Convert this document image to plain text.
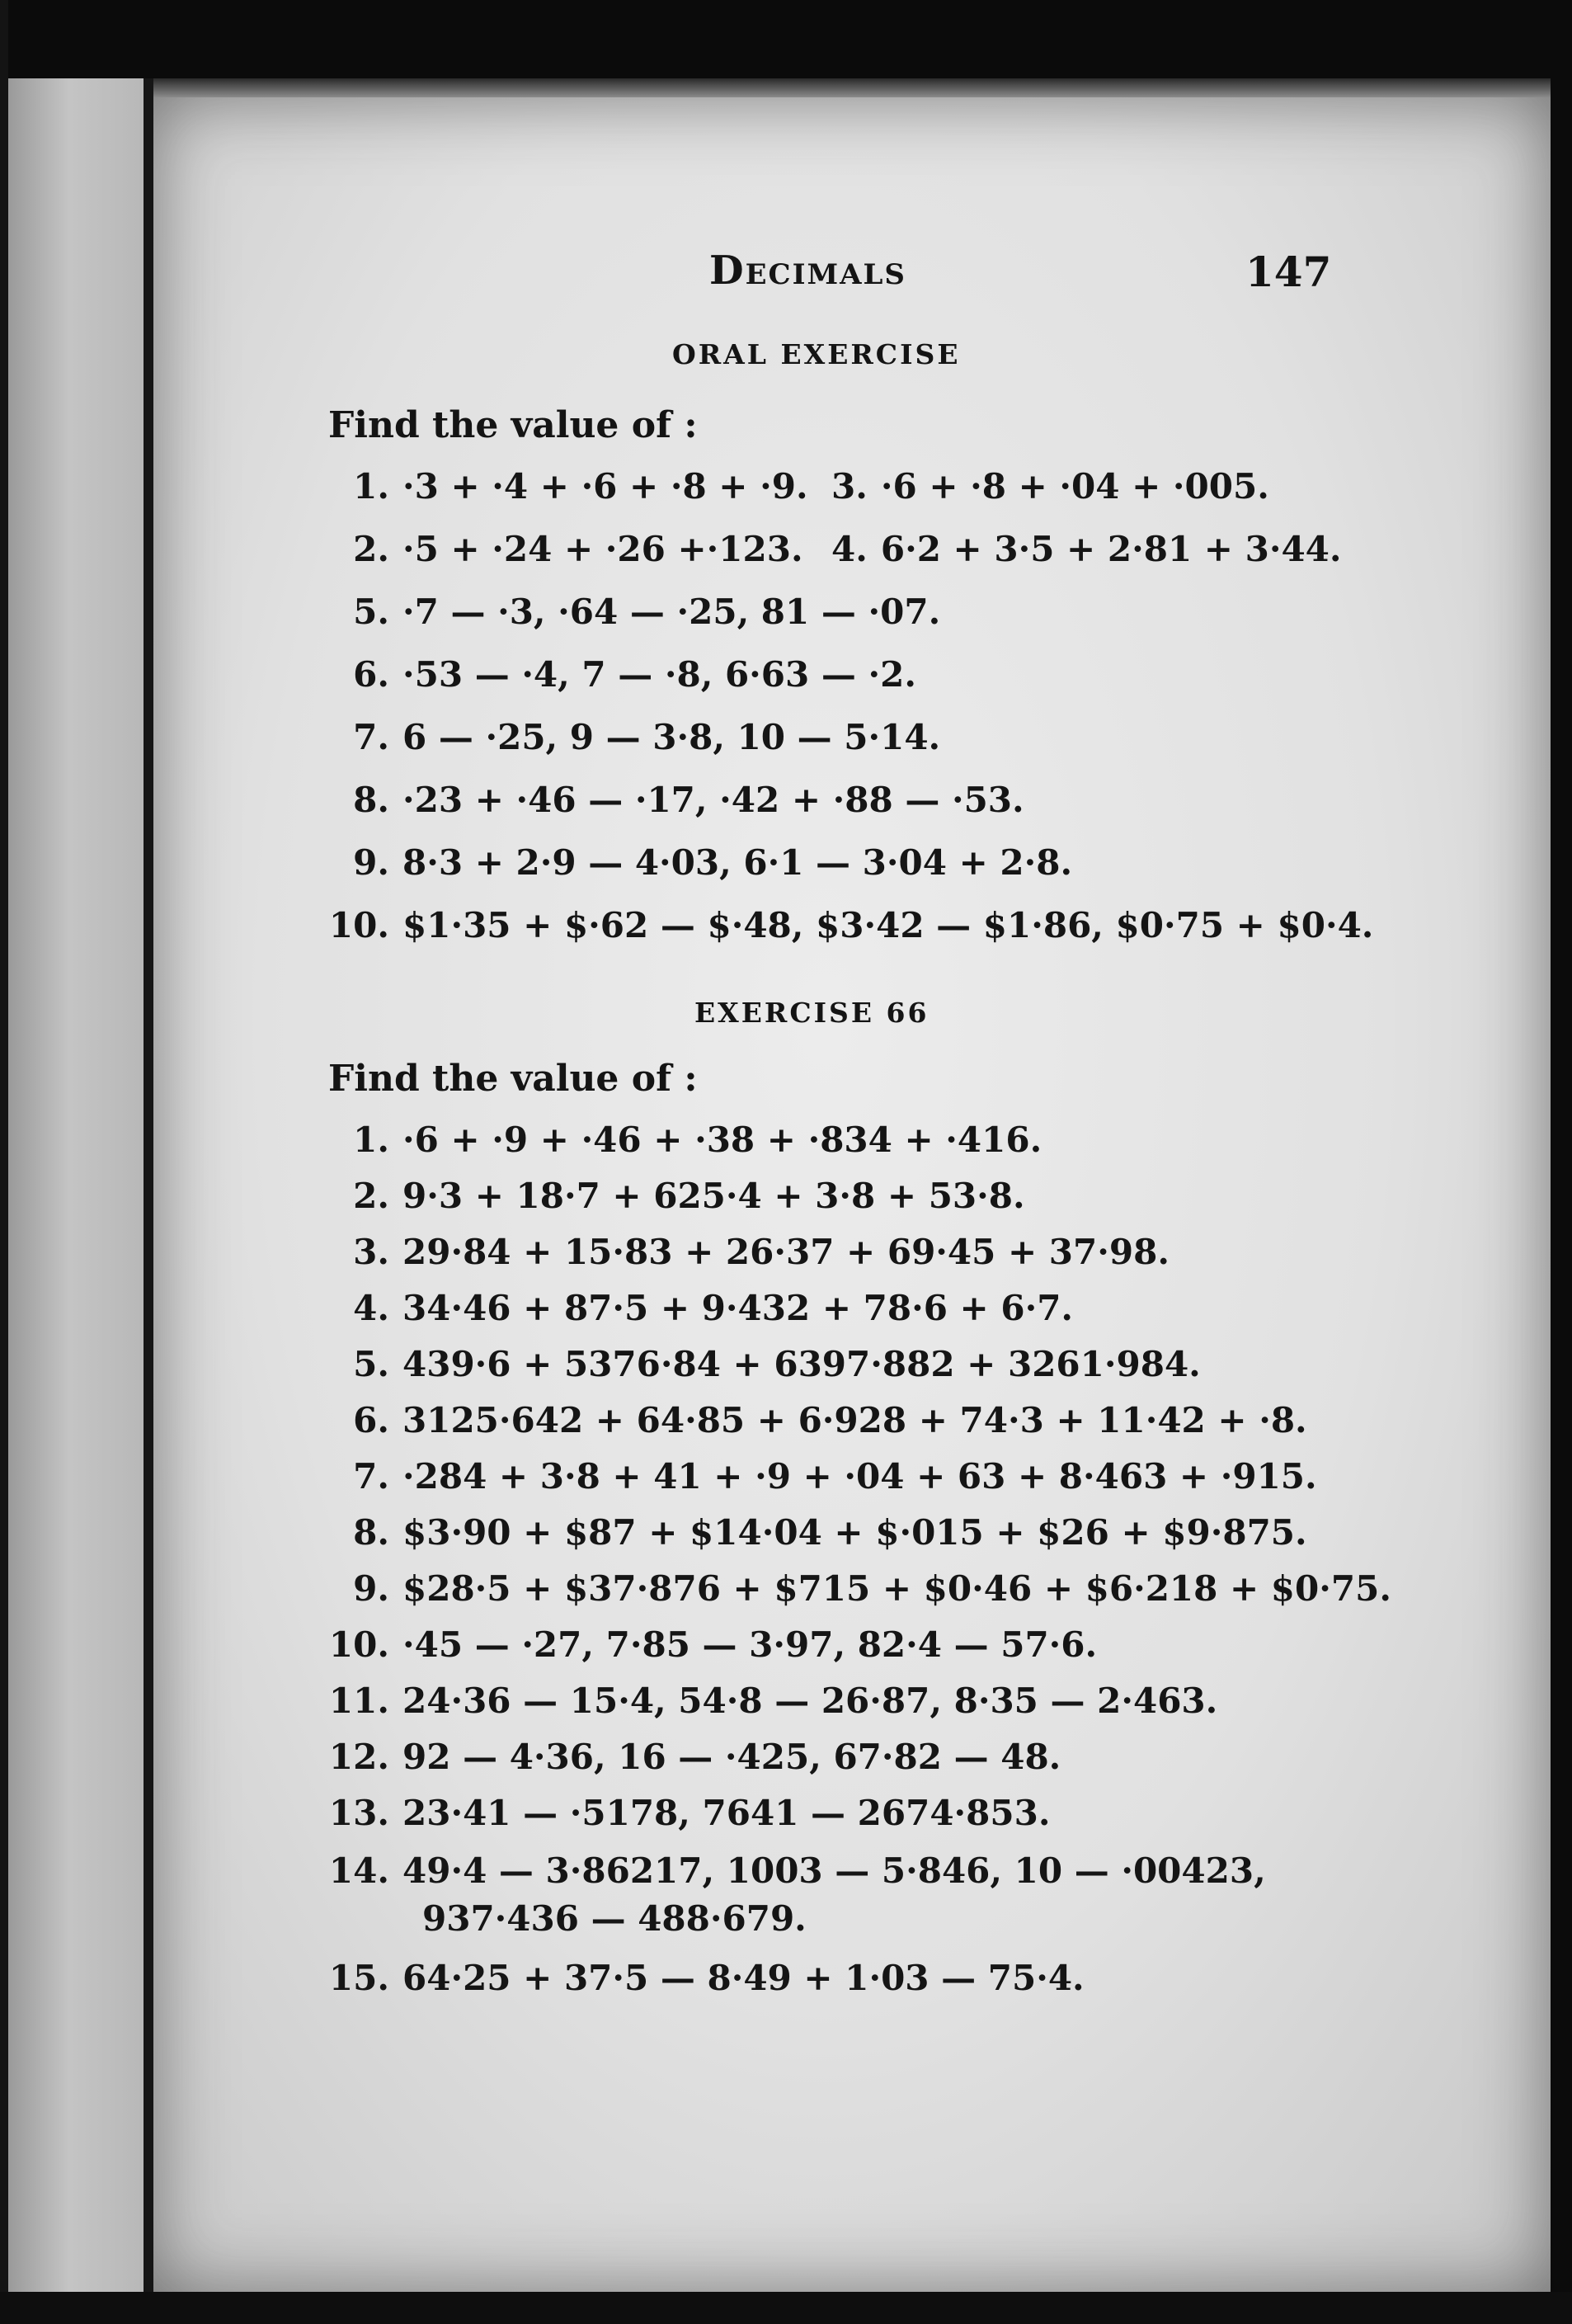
Decimals	147
ORAL EXERCISE
Find the value of :
1. ·3 + ·4 + ·6 + ·8 + ·9. 3. ·6 + ·8 + ·04 + ·005.
2. ·5 + ·24 + ·26 +·123. 4. 6·2 + 3·5 + 2·81 + 3·44.
5. ·7 — ·3, ·64 — ·25, 81 — ·07.
6. ·53 — ·4, 7 — ·8, 6·63 — ·2.
7. 6 — ·25, 9 — 3·8, 10 — 5·14.
8. ·23 + ·46 — ·17, ·42 + ·88 — ·53.
9. 8·3 + 2·9 — 4·03, 6·1 — 3·04 + 2·8.
10. $1·35 + $·62 — $·48, $3·42 — $1·86, $0·75 + $0·4.
EXERCISE 66
Find the value of :
1. ·6 + ·9 + ·46 + ·38 + ·834 + ·416.
2. 9·3 + 18·7 + 625·4 + 3·8 + 53·8.
3. 29·84 + 15·83 + 26·37 + 69·45 + 37·98.
4. 34·46 + 87·5 + 9·432 + 78·6 + 6·7.
5. 439·6 + 5376·84 + 6397·882 + 3261·984.
6. 3125·642 + 64·85 + 6·928 + 74·3 + 11·42 + ·8.
7. ·284 + 3·8 + 41 + ·9 + ·04 + 63 + 8·463 + ·915.
8. $3·90 + $87 + $14·04 + $·015 + $26 + $9·875.
9. $28·5 + $37·876 + $715 + $0·46 + $6·218 + $0·75.
10. ·45 — ·27, 7·85 — 3·97, 82·4 — 57·6.
11. 24·36 — 15·4, 54·8 — 26·87, 8·35 — 2·463.
12. 92 — 4·36, 16 — ·425, 67·82 — 48.
13. 23·41 — ·5178, 7641 — 2674·853.
14. 49·4 — 3·86217, 1003 — 5·846, 10 — ·00423,
937·436 — 488·679.
15. 64·25 + 37·5 — 8·49 + 1·03 — 75·4.
